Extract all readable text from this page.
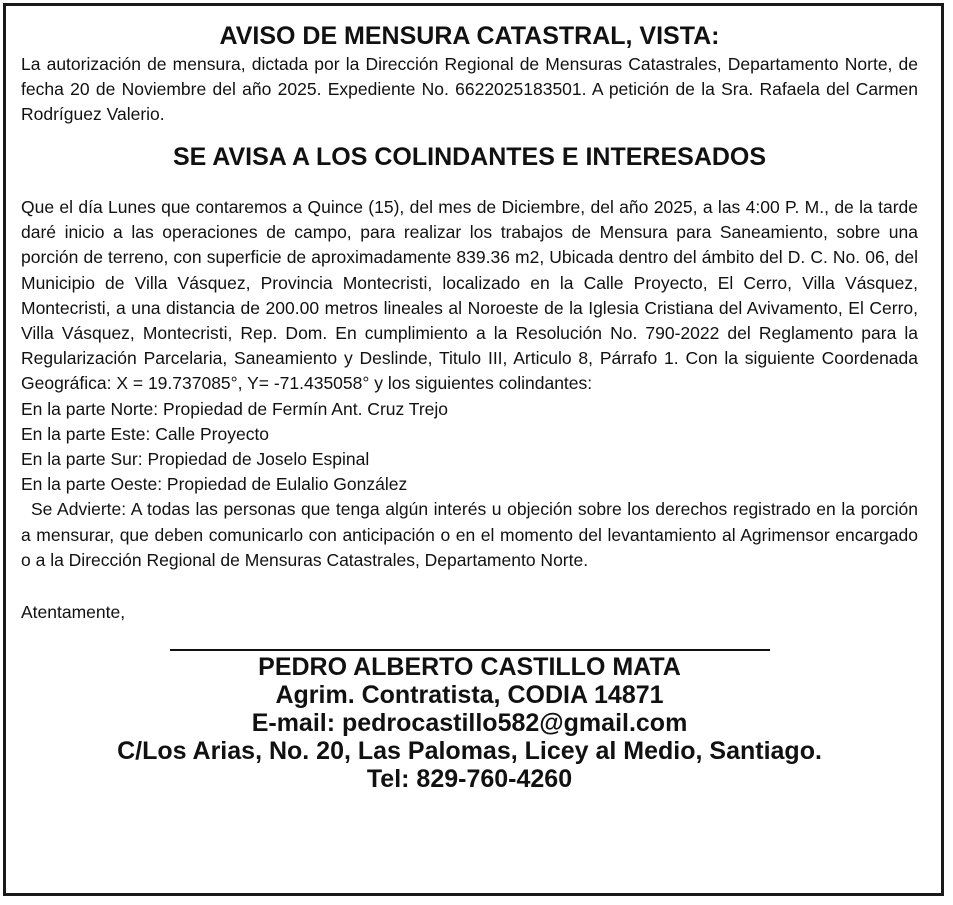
AVISO DE MENSURA CATASTRAL, VISTA:

La autorización de mensura, dictada por la Dirección Regional de Mensuras Catastrales, Departamento Norte, de fecha 20 de Noviembre del año 2025. Expediente No. 6622025183501. A petición de la Sra. Rafaela del Carmen Rodríguez Valerio.

SE AVISA A LOS COLINDANTES E INTERESADOS

Que el día Lunes que contaremos a Quince (15), del mes de Diciembre, del año 2025, a las 4:00 P. M., de la tarde daré inicio a las operaciones de campo, para realizar los trabajos de Mensura para Saneamiento, sobre una porción de terreno, con superficie de aproximadamente 839.36 m2, Ubicada dentro del ámbito del D. C. No. 06, del Municipio de Villa Vásquez, Provincia Montecristi, localizado en la Calle Proyecto, El Cerro, Villa Vásquez, Montecristi, a una distancia de 200.00 metros lineales al Noroeste de la Iglesia Cristiana del Avivamento, El Cerro, Villa Vásquez, Montecristi, Rep. Dom. En cumplimiento a la Resolución No. 790-2022 del Reglamento para la Regularización Parcelaria, Saneamiento y Deslinde, Titulo III, Articulo 8, Párrafo 1. Con la siguiente Coordenada Geográfica: X = 19.737085°, Y= -71.435058° y los siguientes colindantes:

En la parte Norte: Propiedad de Fermín Ant. Cruz Trejo

En la parte Este: Calle Proyecto

En la parte Sur: Propiedad de Joselo Espinal

En la parte Oeste: Propiedad de Eulalio González

Se Advierte: A todas las personas que tenga algún interés u objeción sobre los derechos registrado en la porción a mensurar, que deben comunicarlo con anticipación o en el momento del levantamiento al Agrimensor encargado o a la Dirección Regional de Mensuras Catastrales, Departamento Norte.

Atentamente,

PEDRO ALBERTO CASTILLO MATA

Agrim. Contratista, CODIA 14871

E-mail: pedrocastillo582@gmail.com

C/Los Arias, No. 20, Las Palomas, Licey al Medio, Santiago.

Tel: 829-760-4260
